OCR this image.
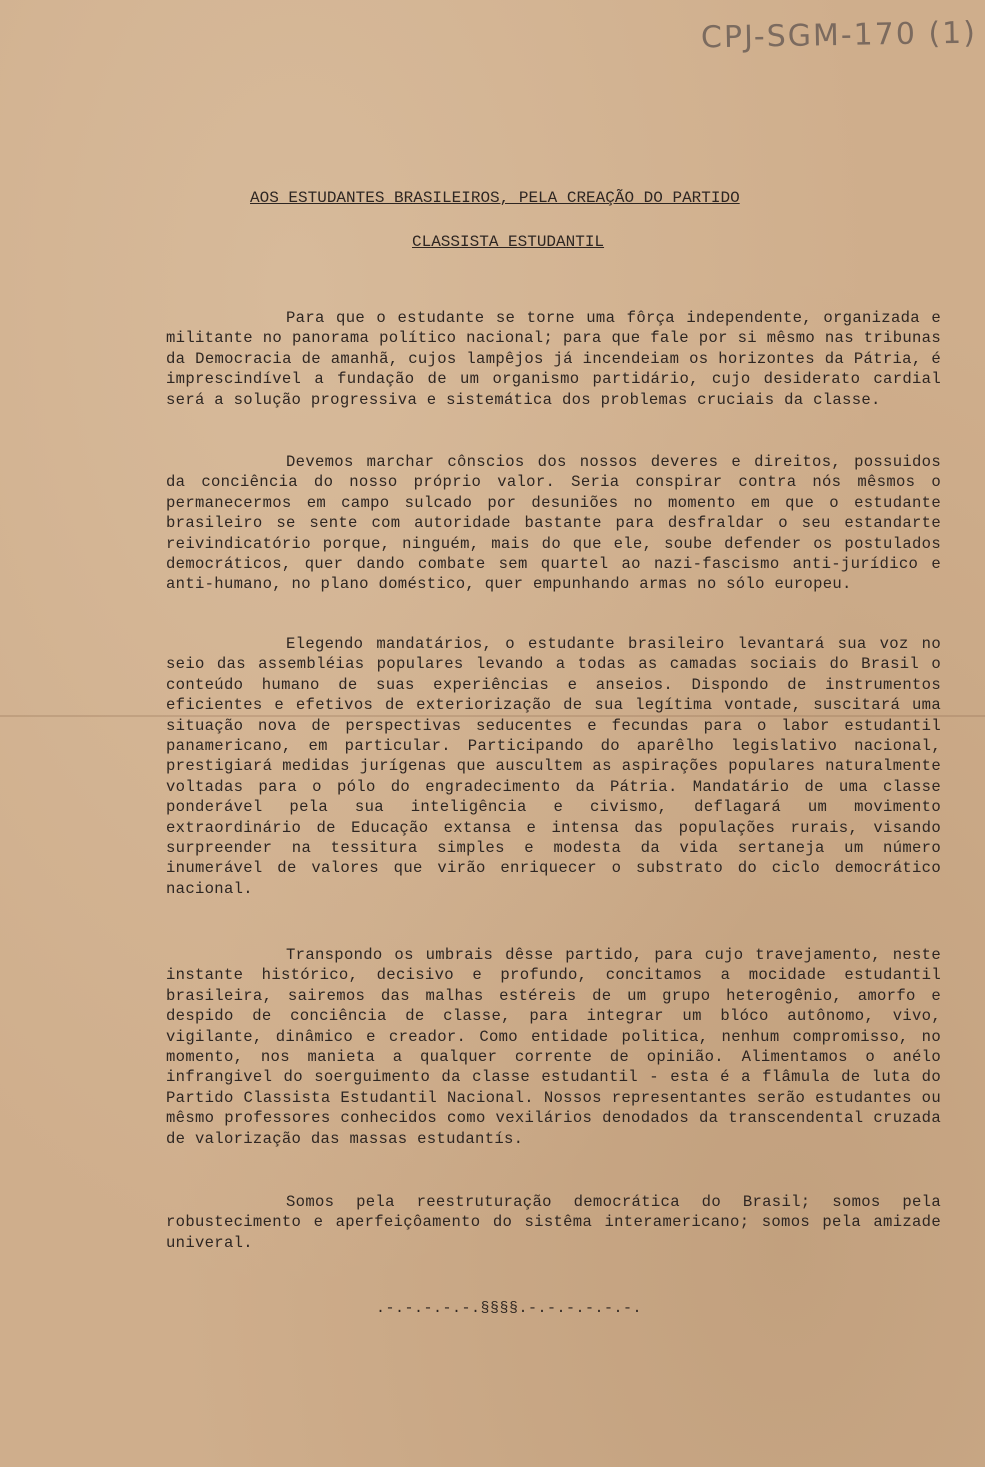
CPJ-SGM-170 (1)
AOS ESTUDANTES BRASILEIROS, PELA CREAÇÃO DO PARTIDO
CLASSISTA ESTUDANTIL
Para que o estudante se torne uma fôrça independente, organizada e militante no panorama político nacional; para que fale por si mêsmo nas tribunas da Democracia de amanhã, cujos lampêjos já incendeiam os horizontes da Pátria, é imprescindível a fundação de um organismo partidário, cujo desiderato cardial será a solução progressiva e sistemática dos problemas cruciais da classe.
Devemos marchar cônscios dos nossos deveres e direitos, possuidos da conciência do nosso próprio valor. Seria conspirar contra nós mêsmos o permanecermos em campo sulcado por desuniões no momento em que o estudante brasileiro se sente com autoridade bastante para desfraldar o seu estandarte reivindicatório porque, ninguém, mais do que ele, soube defender os postulados democráticos, quer dando combate sem quartel ao nazi-fascismo anti-jurídico e anti-humano, no plano doméstico, quer empunhando armas no sólo europeu.
Elegendo mandatários, o estudante brasileiro levantará sua voz no seio das assembléias populares levando a todas as camadas sociais do Brasil o conteúdo humano de suas experiências e anseios. Dispondo de instrumentos eficientes e efetivos de exteriorização de sua legítima vontade, suscitará uma situação nova de perspectivas seducentes e fecundas para o labor estudantil panamericano, em particular. Participando do aparêlho legislativo nacional, prestigiará medidas jurígenas que auscultem as aspirações populares naturalmente voltadas para o pólo do engradecimento da Pátria. Mandatário de uma classe ponderável pela sua inteligência e civismo, deflagará um movimento extraordinário de Educação extansa e intensa das populações rurais, visando surpreender na tessitura simples e modesta da vida sertaneja um número inumerável de valores que virão enriquecer o substrato do ciclo democrático nacional.
Transpondo os umbrais dêsse partido, para cujo travejamento, neste instante histórico, decisivo e profundo, concitamos a mocidade estudantil brasileira, sairemos das malhas estéreis de um grupo heterogênio, amorfo e despido de conciência de classe, para integrar um blóco autônomo, vivo, vigilante, dinâmico e creador. Como entidade politica, nenhum compromisso, no momento, nos manieta a qualquer corrente de opinião. Alimentamos o anélo infrangivel do soerguimento da classe estudantil - esta é a flâmula de luta do Partido Classista Estudantil Nacional. Nossos representantes serão estudantes ou mêsmo professores conhecidos como vexilários denodados da transcendental cruzada de valorização das massas estudantís.
Somos pela reestruturação democrática do Brasil; somos pela robustecimento e aperfeiçôamento do sistêma interamericano; somos pela amizade univeral.
.-.-.-.-.-.§§§§.-.-.-.-.-.-.
